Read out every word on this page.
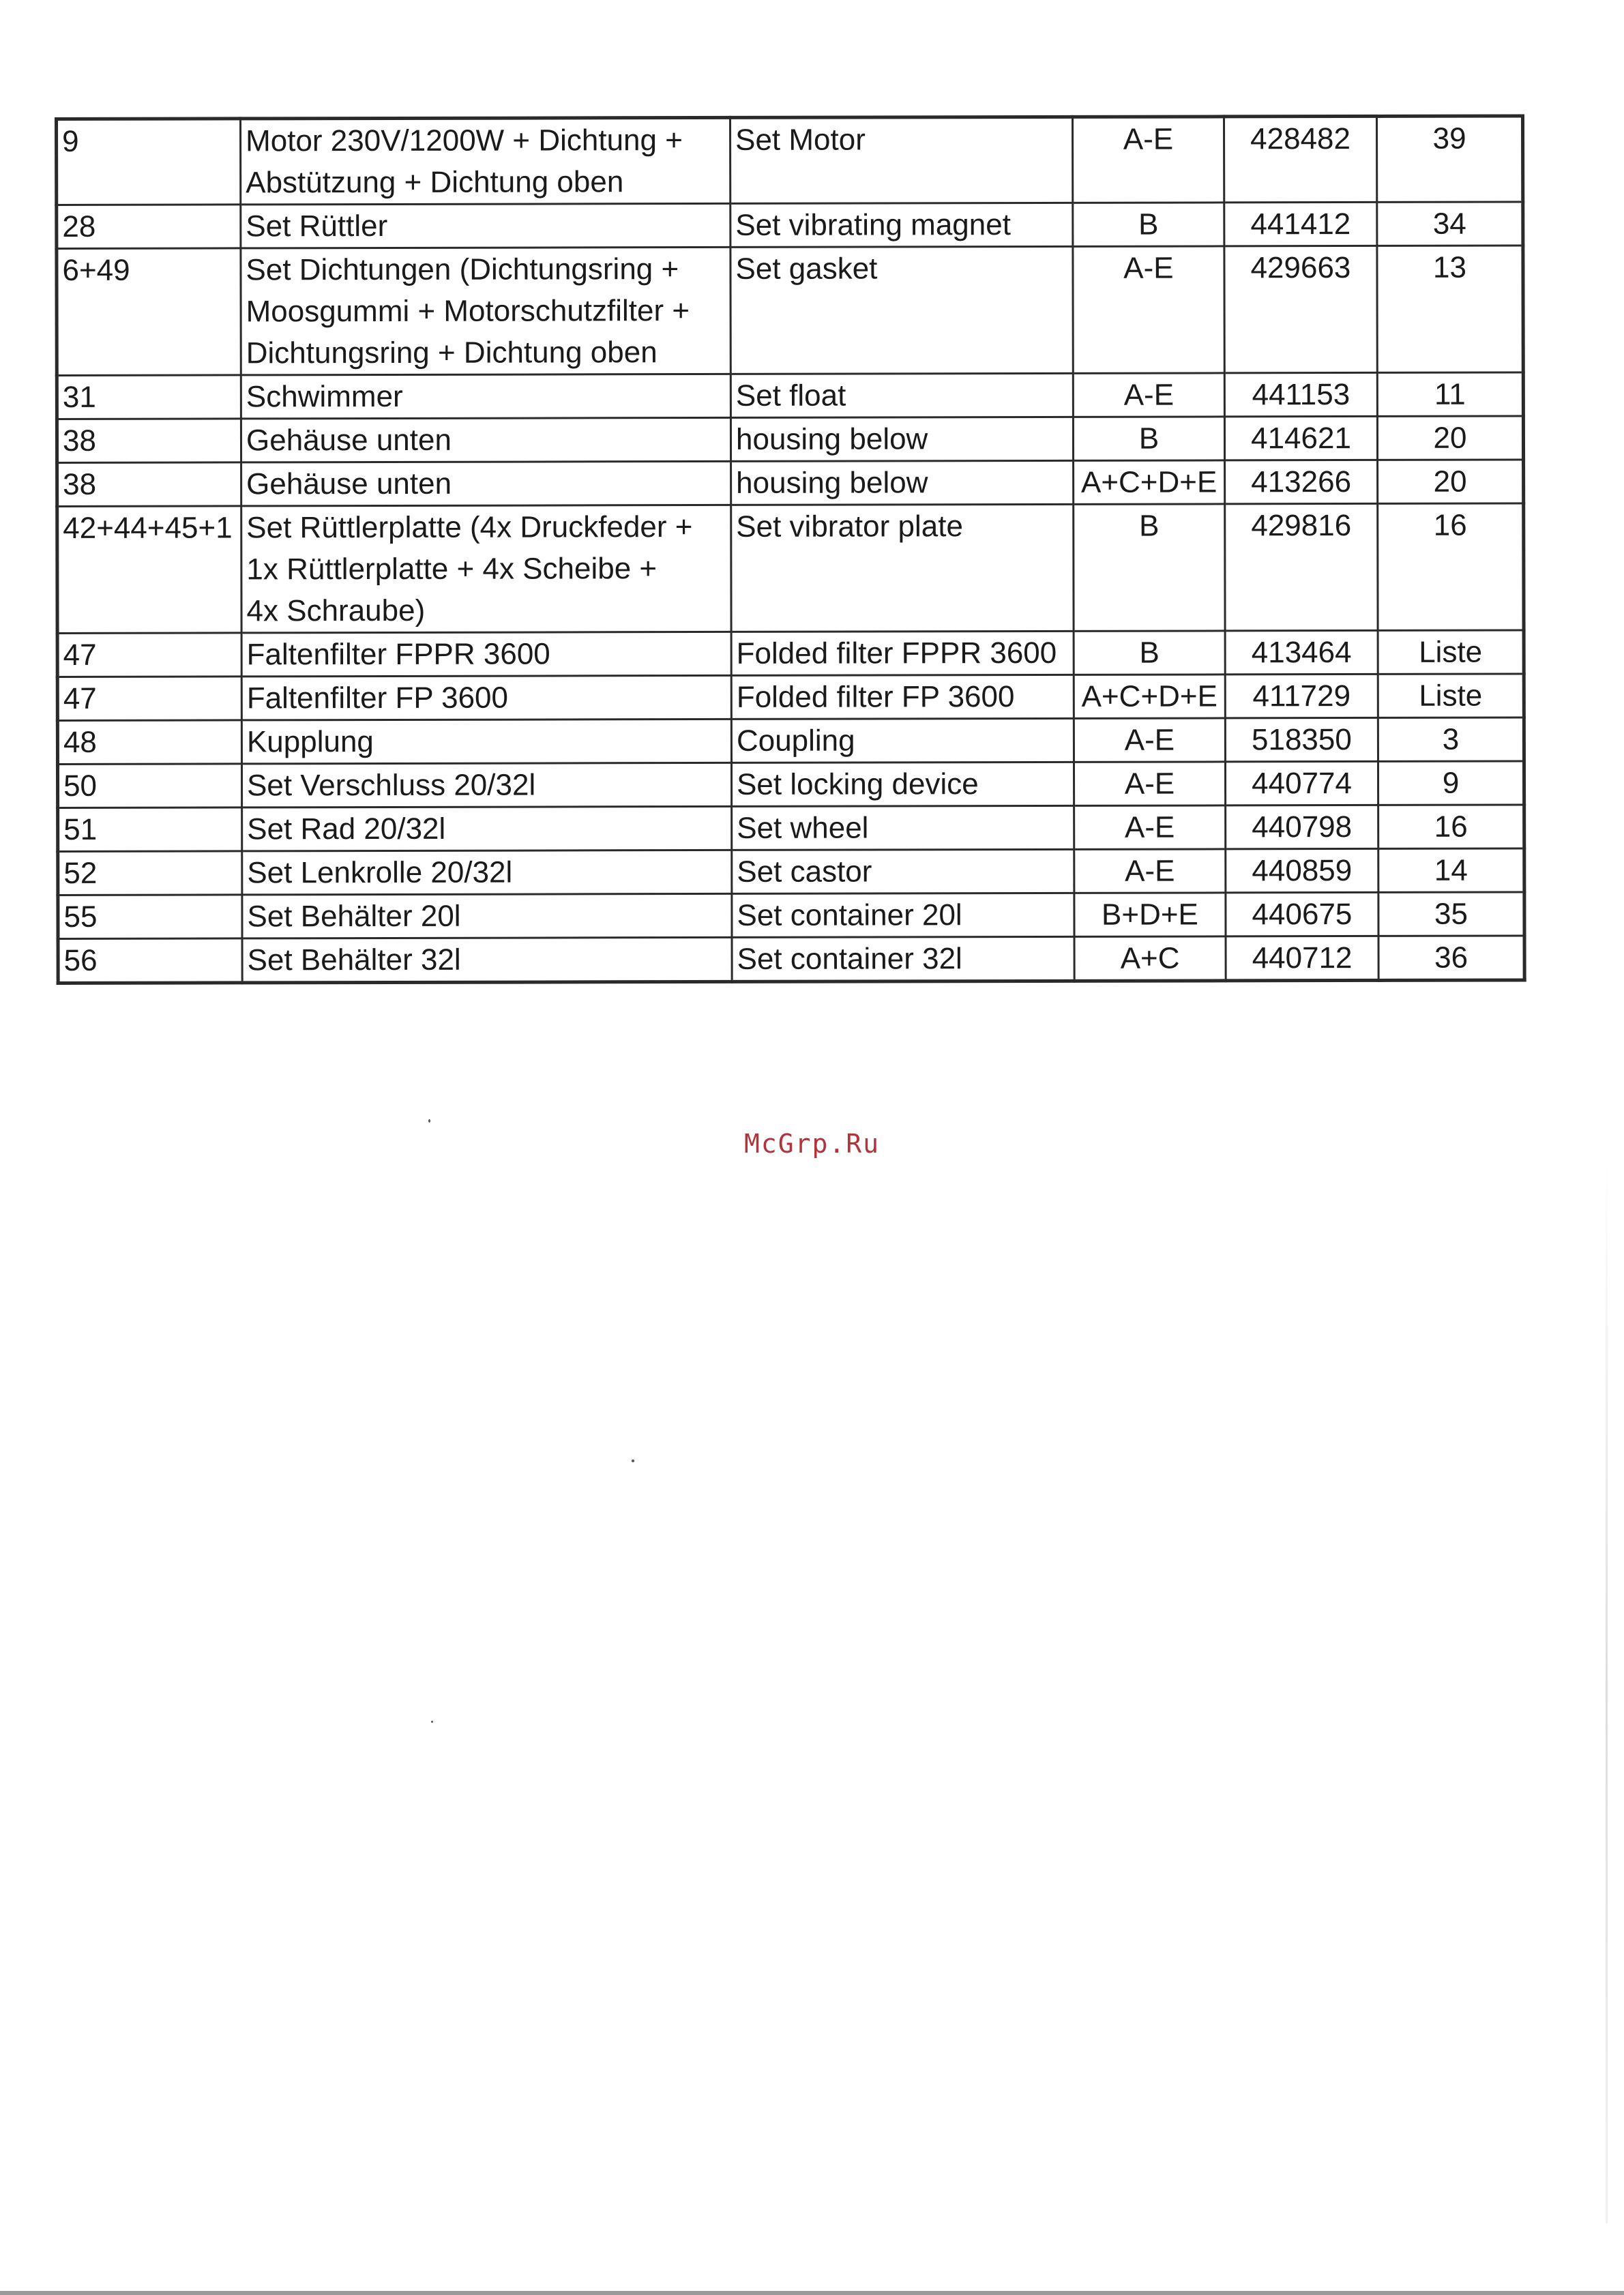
9	Motor 230V/1200W + Dichtung +
Abstützung + Dichtung oben	Set Motor	A-E	428482	39
28	Set Rüttler	Set vibrating magnet	B	441412	34
6+49	Set Dichtungen (Dichtungsring +
Moosgummi + Motorschutzfilter +
Dichtungsring + Dichtung oben	Set gasket	A-E	429663	13
31	Schwimmer	Set float	A-E	441153	11
38	Gehäuse unten	housing below	B	414621	20
38	Gehäuse unten	housing below	A+C+D+E	413266	20
42+44+45+1	Set Rüttlerplatte (4x Druckfeder +
1x Rüttlerplatte + 4x Scheibe +
4x Schraube)	Set vibrator plate	B	429816	16
47	Faltenfilter FPPR 3600	Folded filter FPPR 3600	B	413464	Liste
47	Faltenfilter FP 3600	Folded filter FP 3600	A+C+D+E	411729	Liste
48	Kupplung	Coupling	A-E	518350	3
50	Set Verschluss 20/32l	Set locking device	A-E	440774	9
51	Set Rad 20/32l	Set wheel	A-E	440798	16
52	Set Lenkrolle 20/32l	Set castor	A-E	440859	14
55	Set Behälter 20l	Set container 20l	B+D+E	440675	35
56	Set Behälter 32l	Set container 32l	A+C	440712	36
McGrp.Ru
